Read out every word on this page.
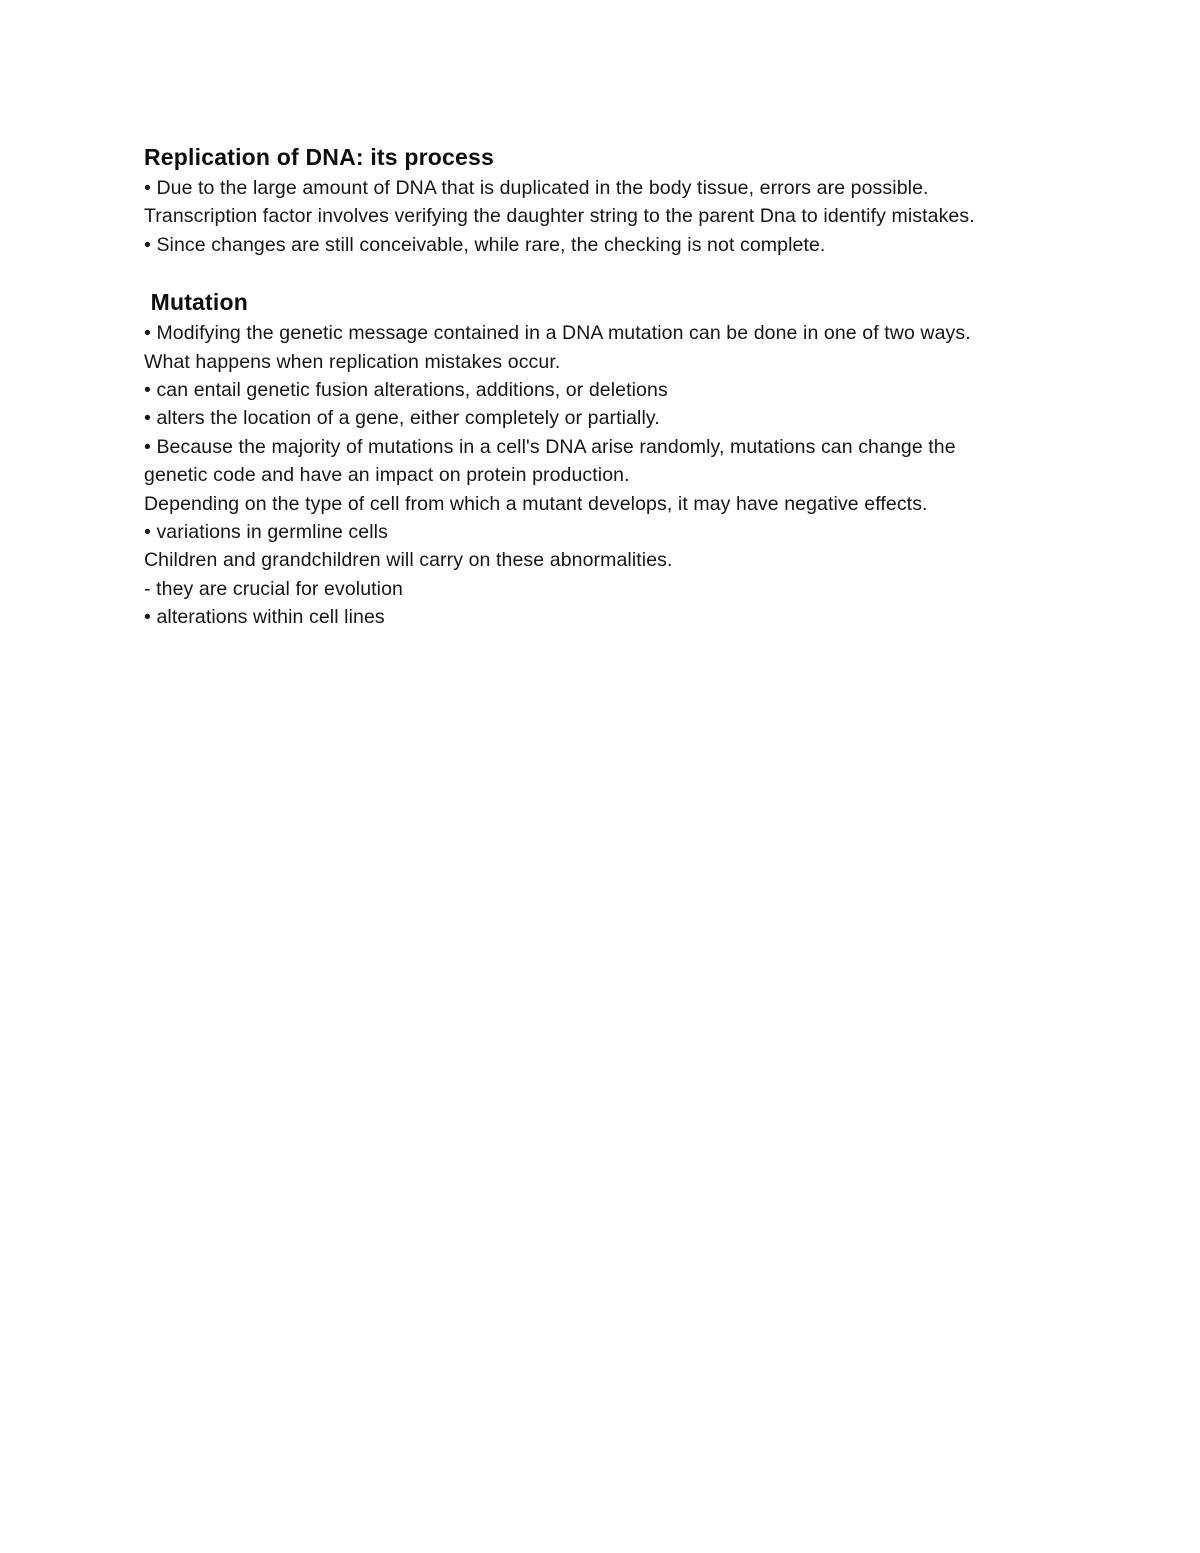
Replication of DNA: its process

• Due to the large amount of DNA that is duplicated in the body tissue, errors are possible.

Transcription factor involves verifying the daughter string to the parent Dna to identify mistakes.

• Since changes are still conceivable, while rare, the checking is not complete.

Mutation

• Modifying the genetic message contained in a DNA mutation can be done in one of two ways.

What happens when replication mistakes occur.

• can entail genetic fusion alterations, additions, or deletions

• alters the location of a gene, either completely or partially.

• Because the majority of mutations in a cell's DNA arise randomly, mutations can change the

genetic code and have an impact on protein production.

Depending on the type of cell from which a mutant develops, it may have negative effects.

• variations in germline cells

Children and grandchildren will carry on these abnormalities.

- they are crucial for evolution

• alterations within cell lines
